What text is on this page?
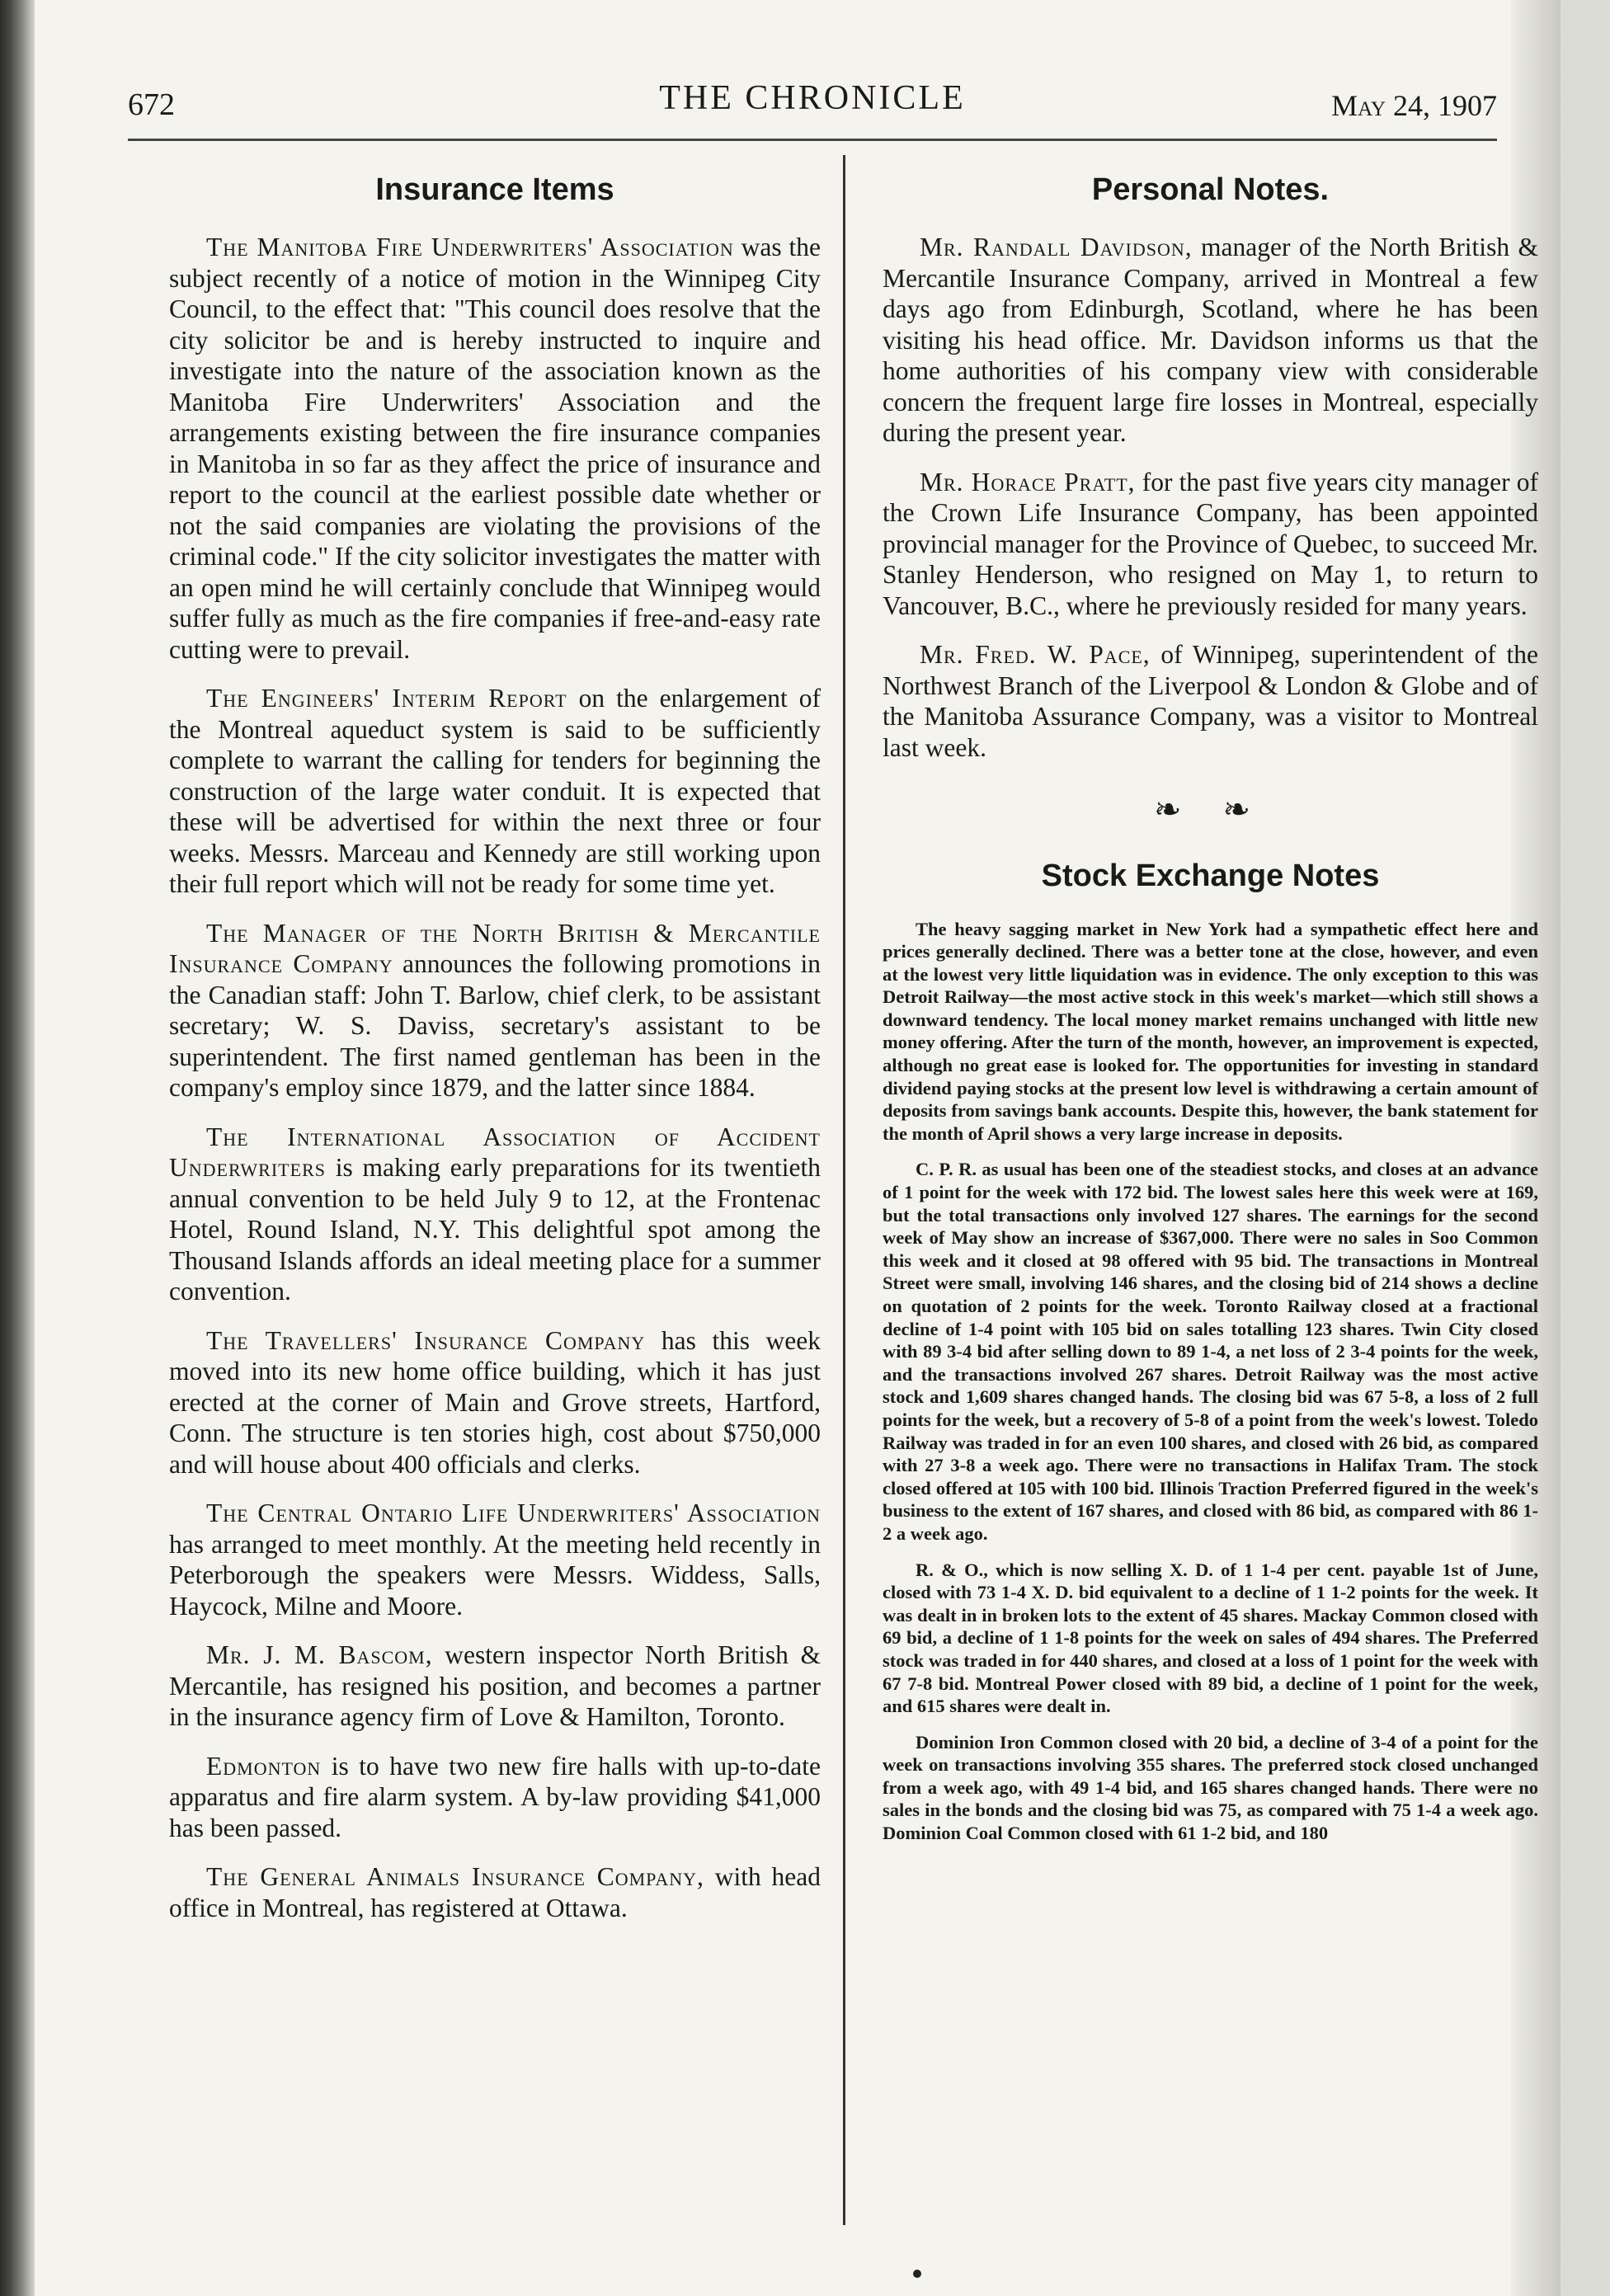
672	THE CHRONICLE	May 24, 1907
Insurance Items

The Manitoba Fire Underwriters' Association was the subject recently of a notice of motion in the Winnipeg City Council, to the effect that: "This council does resolve that the city solicitor be and is hereby instructed to inquire and investigate into the nature of the association known as the Manitoba Fire Underwriters' Association and the arrangements existing between the fire insurance companies in Manitoba in so far as they affect the price of insurance and report to the council at the earliest possible date whether or not the said companies are violating the provisions of the criminal code." If the city solicitor investigates the matter with an open mind he will certainly conclude that Winnipeg would suffer fully as much as the fire companies if free-and-easy rate cutting were to prevail.

The Engineers' Interim Report on the enlargement of the Montreal aqueduct system is said to be sufficiently complete to warrant the calling for tenders for beginning the construction of the large water conduit. It is expected that these will be advertised for within the next three or four weeks. Messrs. Marceau and Kennedy are still working upon their full report which will not be ready for some time yet.

The Manager of the North British & Mercantile Insurance Company announces the following promotions in the Canadian staff: John T. Barlow, chief clerk, to be assistant secretary; W. S. Daviss, secretary's assistant to be superintendent. The first named gentleman has been in the company's employ since 1879, and the latter since 1884.

The International Association of Accident Underwriters is making early preparations for its twentieth annual convention to be held July 9 to 12, at the Frontenac Hotel, Round Island, N.Y. This delightful spot among the Thousand Islands affords an ideal meeting place for a summer convention.

The Travellers' Insurance Company has this week moved into its new home office building, which it has just erected at the corner of Main and Grove streets, Hartford, Conn. The structure is ten stories high, cost about $750,000 and will house about 400 officials and clerks.

The Central Ontario Life Underwriters' Association has arranged to meet monthly. At the meeting held recently in Peterborough the speakers were Messrs. Widdess, Salls, Haycock, Milne and Moore.

Mr. J. M. Bascom, western inspector North British & Mercantile, has resigned his position, and becomes a partner in the insurance agency firm of Love & Hamilton, Toronto.

Edmonton is to have two new fire halls with up-to-date apparatus and fire alarm system. A by-law providing $41,000 has been passed.

The General Animals Insurance Company, with head office in Montreal, has registered at Ottawa.

Personal Notes.

Mr. Randall Davidson, manager of the North British & Mercantile Insurance Company, arrived in Montreal a few days ago from Edinburgh, Scotland, where he has been visiting his head office. Mr. Davidson informs us that the home authorities of his company view with considerable concern the frequent large fire losses in Montreal, especially during the present year.

Mr. Horace Pratt, for the past five years city manager of the Crown Life Insurance Company, has been appointed provincial manager for the Province of Quebec, to succeed Mr. Stanley Henderson, who resigned on May 1, to return to Vancouver, B.C., where he previously resided for many years.

Mr. Fred. W. Pace, of Winnipeg, superintendent of the Northwest Branch of the Liverpool & London & Globe and of the Manitoba Assurance Company, was a visitor to Montreal last week.

❧ ❧
Stock Exchange Notes

The heavy sagging market in New York had a sympathetic effect here and prices generally declined. There was a better tone at the close, however, and even at the lowest very little liquidation was in evidence. The only exception to this was Detroit Railway—the most active stock in this week's market—which still shows a downward tendency. The local money market remains unchanged with little new money offering. After the turn of the month, however, an improvement is expected, although no great ease is looked for. The opportunities for investing in standard dividend paying stocks at the present low level is withdrawing a certain amount of deposits from savings bank accounts. Despite this, however, the bank statement for the month of April shows a very large increase in deposits.

C. P. R. as usual has been one of the steadiest stocks, and closes at an advance of 1 point for the week with 172 bid. The lowest sales here this week were at 169, but the total transactions only involved 127 shares. The earnings for the second week of May show an increase of $367,000. There were no sales in Soo Common this week and it closed at 98 offered with 95 bid. The transactions in Montreal Street were small, involving 146 shares, and the closing bid of 214 shows a decline on quotation of 2 points for the week. Toronto Railway closed at a fractional decline of 1-4 point with 105 bid on sales totalling 123 shares. Twin City closed with 89 3-4 bid after selling down to 89 1-4, a net loss of 2 3-4 points for the week, and the transactions involved 267 shares. Detroit Railway was the most active stock and 1,609 shares changed hands. The closing bid was 67 5-8, a loss of 2 full points for the week, but a recovery of 5-8 of a point from the week's lowest. Toledo Railway was traded in for an even 100 shares, and closed with 26 bid, as compared with 27 3-8 a week ago. There were no transactions in Halifax Tram. The stock closed offered at 105 with 100 bid. Illinois Traction Preferred figured in the week's business to the extent of 167 shares, and closed with 86 bid, as compared with 86 1-2 a week ago.

R. & O., which is now selling X. D. of 1 1-4 per cent. payable 1st of June, closed with 73 1-4 X. D. bid equivalent to a decline of 1 1-2 points for the week. It was dealt in in broken lots to the extent of 45 shares. Mackay Common closed with 69 bid, a decline of 1 1-8 points for the week on sales of 494 shares. The Preferred stock was traded in for 440 shares, and closed at a loss of 1 point for the week with 67 7-8 bid. Montreal Power closed with 89 bid, a decline of 1 point for the week, and 615 shares were dealt in.

Dominion Iron Common closed with 20 bid, a decline of 3-4 of a point for the week on transactions involving 355 shares. The preferred stock closed unchanged from a week ago, with 49 1-4 bid, and 165 shares changed hands. There were no sales in the bonds and the closing bid was 75, as compared with 75 1-4 a week ago. Dominion Coal Common closed with 61 1-2 bid, and 180
